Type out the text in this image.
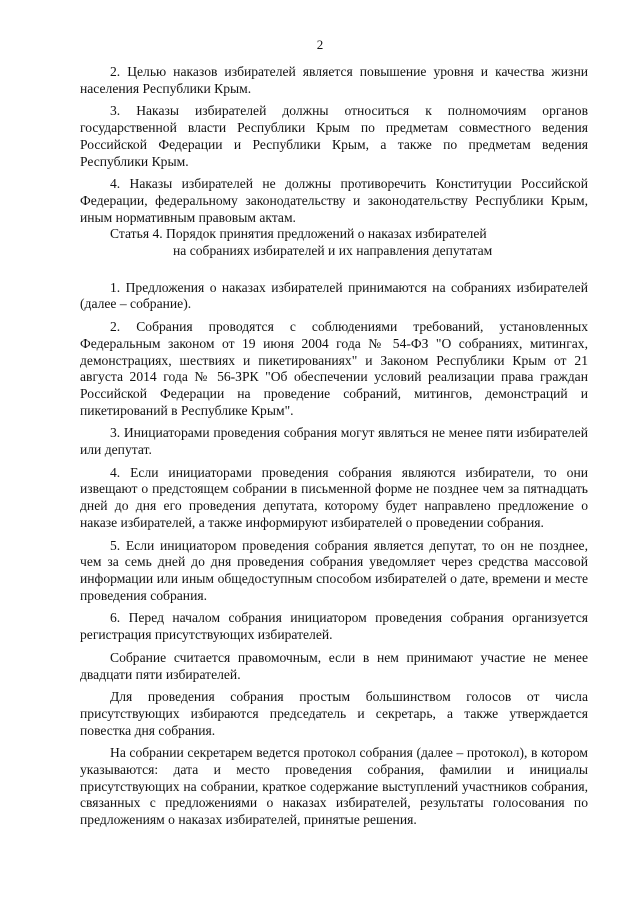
2

2. Целью наказов избирателей является повышение уровня и качества жизни населения Республики Крым.

3. Наказы избирателей должны относиться к полномочиям органов государственной власти Республики Крым по предметам совместного ведения Российской Федерации и Республики Крым, а также по предметам ведения Республики Крым.

4. Наказы избирателей не должны противоречить Конституции Российской Федерации, федеральному законодательству и законодательству Республики Крым, иным нормативным правовым актам.

Статья 4. Порядок принятия предложений о наказах избирателей
на собраниях избирателей и их направления депутатам

1. Предложения о наказах избирателей принимаются на собраниях избирателей (далее – собрание).

2. Собрания проводятся с соблюдениями требований, установленных Федеральным законом от 19 июня 2004 года № 54-ФЗ "О собраниях, митингах, демонстрациях, шествиях и пикетированиях" и Законом Республики Крым от 21 августа 2014 года № 56-ЗРК "Об обеспечении условий реализации права граждан Российской Федерации на проведение собраний, митингов, демонстраций и пикетирований в Республике Крым".

3. Инициаторами проведения собрания могут являться не менее пяти избирателей или депутат.

4. Если инициаторами проведения собрания являются избиратели, то они извещают о предстоящем собрании в письменной форме не позднее чем за пятнадцать дней до дня его проведения депутата, которому будет направлено предложение о наказе избирателей, а также информируют избирателей о проведении собрания.

5. Если инициатором проведения собрания является депутат, то он не позднее, чем за семь дней до дня проведения собрания уведомляет через средства массовой информации или иным общедоступным способом избирателей о дате, времени и месте проведения собрания.

6. Перед началом собрания инициатором проведения собрания организуется регистрация присутствующих избирателей.

Собрание считается правомочным, если в нем принимают участие не менее двадцати пяти избирателей.

Для проведения собрания простым большинством голосов от числа присутствующих избираются председатель и секретарь, а также утверждается повестка дня собрания.

На собрании секретарем ведется протокол собрания (далее – протокол), в котором указываются: дата и место проведения собрания, фамилии и инициалы присутствующих на собрании, краткое содержание выступлений участников собрания, связанных с предложениями о наказах избирателей, результаты голосования по предложениям о наказах избирателей, принятые решения.
